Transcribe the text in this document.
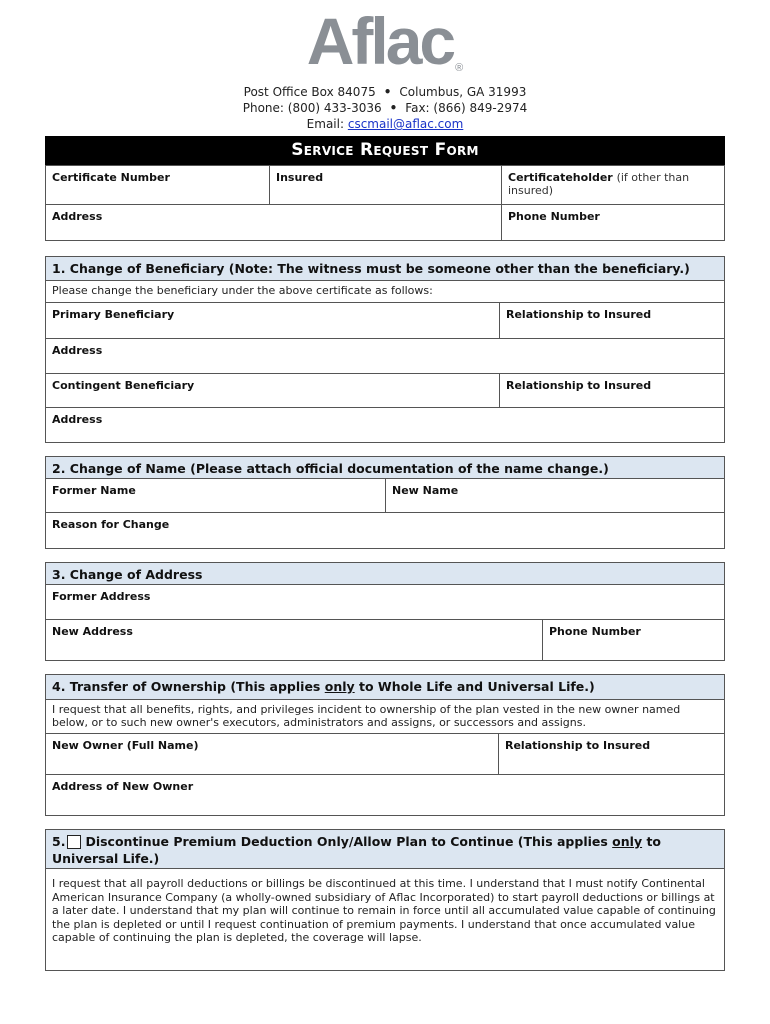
Aflac ®
Post Office Box 84075 • Columbus, GA 31993
Phone: (800) 433-3036 • Fax: (866) 849-2974
Email: cscmail@aflac.com
Service Request Form
Certificate Number	Insured	Certificateholder (if other than insured)
Address	Phone Number
1. Change of Beneficiary (Note: The witness must be someone other than the beneficiary.)
Please change the beneficiary under the above certificate as follows:
Primary Beneficiary	Relationship to Insured
Address
Contingent Beneficiary	Relationship to Insured
Address
2. Change of Name (Please attach official documentation of the name change.)
Former Name	New Name
Reason for Change
3. Change of Address
Former Address
New Address	Phone Number
4. Transfer of Ownership (This applies only to Whole Life and Universal Life.)
I request that all benefits, rights, and privileges incident to ownership of the plan vested in the new owner named below, or to such new owner's executors, administrators and assigns, or successors and assigns.
New Owner (Full Name)	Relationship to Insured
Address of New Owner
5. Discontinue Premium Deduction Only/Allow Plan to Continue (This applies only to Universal Life.)
I request that all payroll deductions or billings be discontinued at this time. I understand that I must notify Continental American Insurance Company (a wholly-owned subsidiary of Aflac Incorporated) to start payroll deductions or billings at a later date. I understand that my plan will continue to remain in force until all accumulated value capable of continuing the plan is depleted or until I request continuation of premium payments. I understand that once accumulated value capable of continuing the plan is depleted, the coverage will lapse.
